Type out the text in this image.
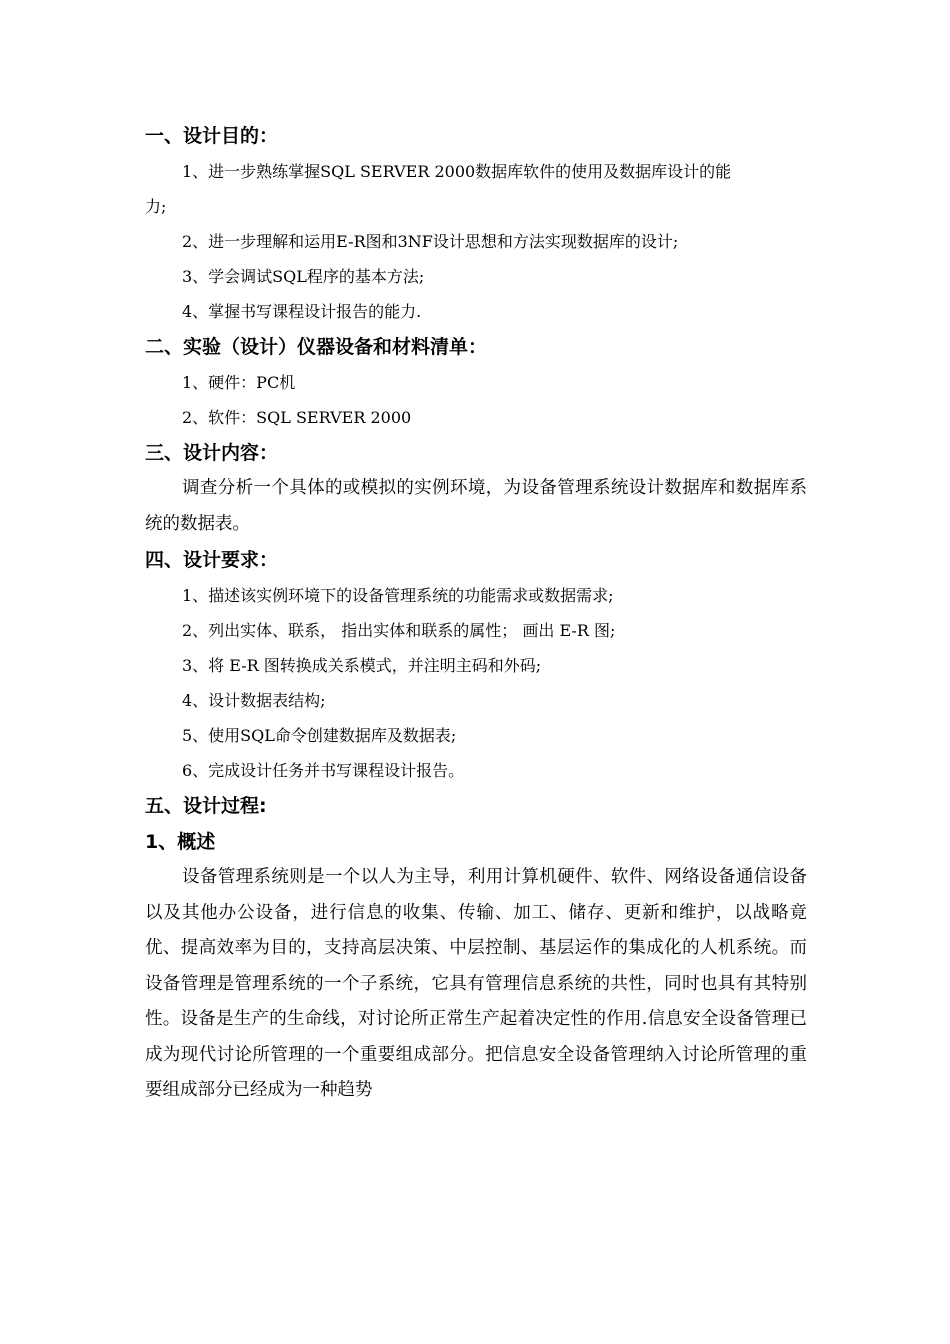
一、设计目的：
1、进一步熟练掌握SQL SERVER 2000数据库软件的使用及数据库设计的能
力;
2、进一步理解和运用E-R图和3NF设计思想和方法实现数据库的设计;
3、学会调试SQL程序的基本方法;
4、掌握书写课程设计报告的能力.
二、实验（设计）仪器设备和材料清单：
1、硬件：PC机
2、软件：SQL SERVER 2000
三、设计内容：

调查分析一个具体的或模拟的实例环境，为设备管理系统设计数据库和数据库系统的数据表。

四、设计要求：
1、描述该实例环境下的设备管理系统的功能需求或数据需求;
2、列出实体、联系， 指出实体和联系的属性； 画出 E-R 图;
3、将 E-R 图转换成关系模式，并注明主码和外码;
4、设计数据表结构;
5、使用SQL命令创建数据库及数据表;
6、完成设计任务并书写课程设计报告。
五、设计过程:
1、概述

设备管理系统则是一个以人为主导，利用计算机硬件、软件、网络设备通信设备以及其他办公设备，进行信息的收集、传输、加工、储存、更新和维护，以战略竟优、提高效率为目的，支持高层决策、中层控制、基层运作的集成化的人机系统。而设备管理是管理系统的一个子系统，它具有管理信息系统的共性，同时也具有其特别性。设备是生产的生命线，对讨论所正常生产起着决定性的作用.信息安全设备管理已成为现代讨论所管理的一个重要组成部分。把信息安全设备管理纳入讨论所管理的重要组成部分已经成为一种趋势
